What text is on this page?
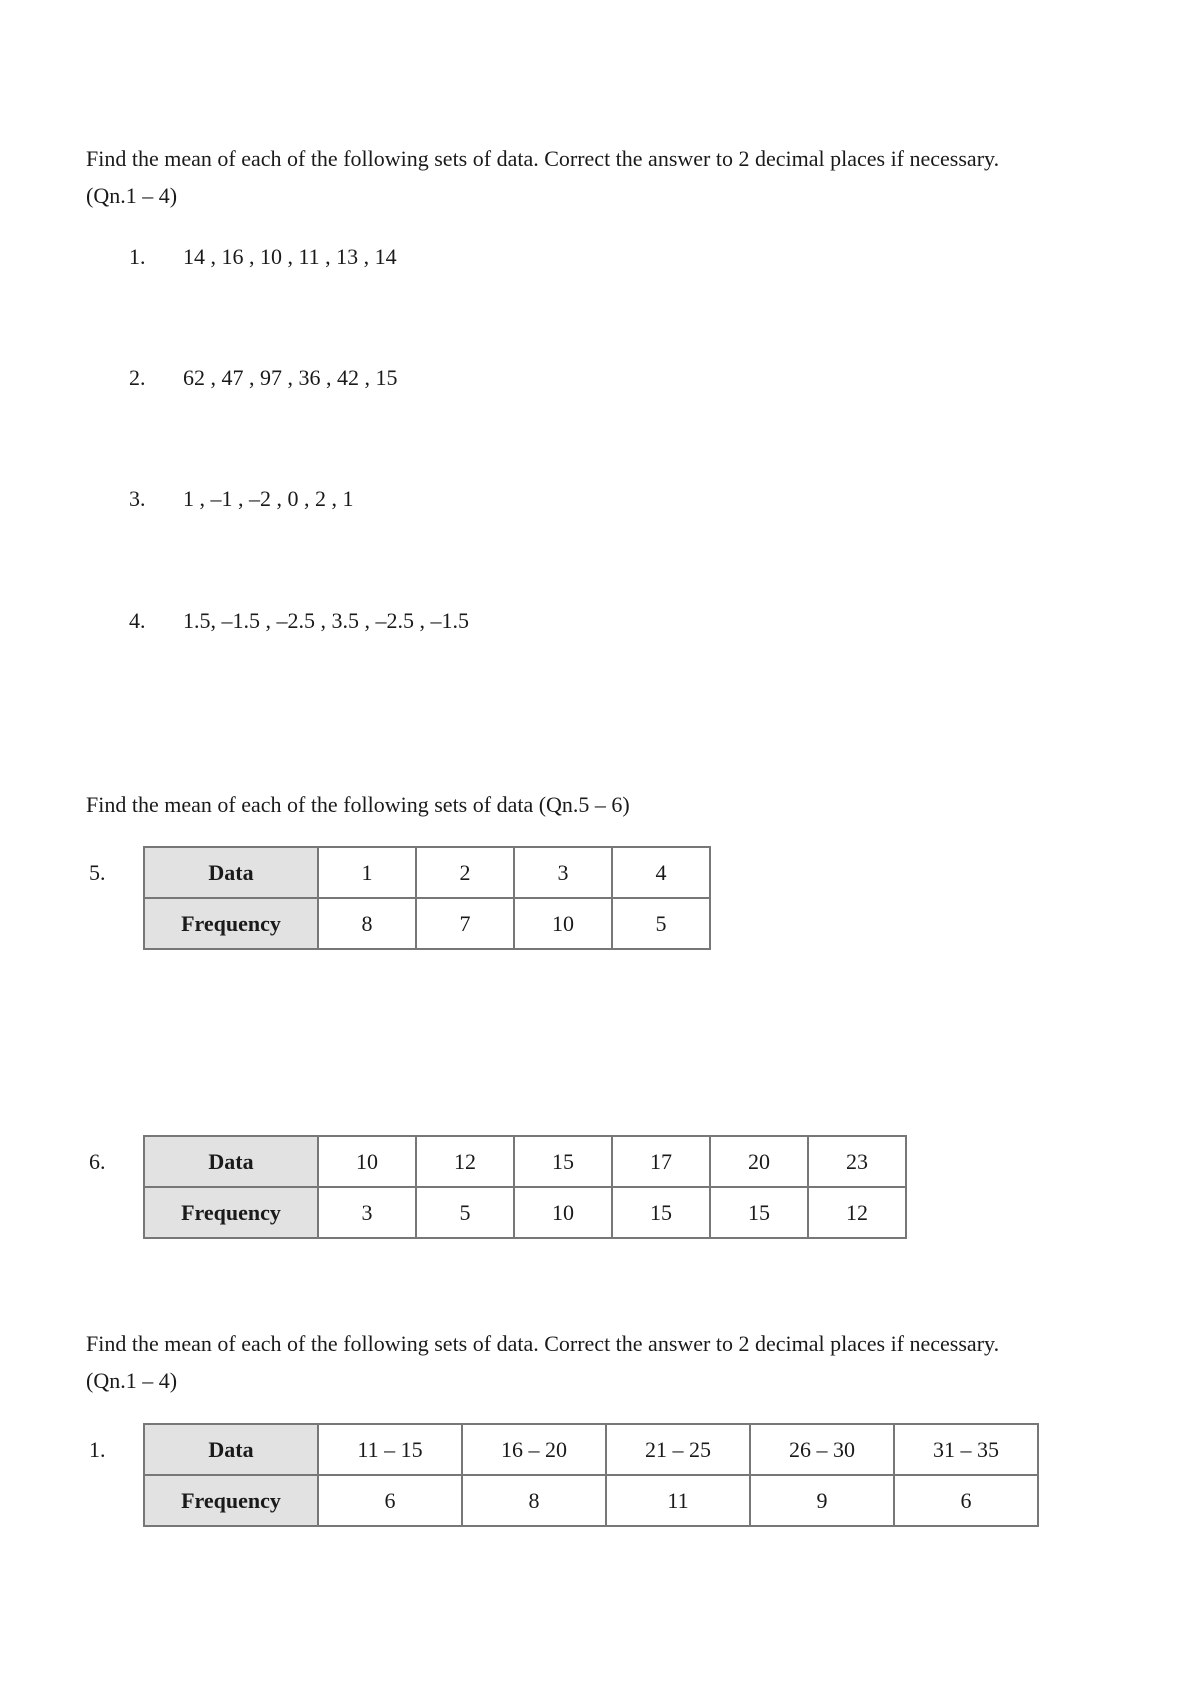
Find the mean of each of the following sets of data. Correct the answer to 2 decimal places if necessary.
(Qn.1 – 4)

1. 14 , 16 , 10 , 11 , 13 , 14
2. 62 , 47 , 97 , 36 , 42 , 15
3. 1 , –1 , –2 , 0 , 2 , 1
4. 1.5, –1.5 , –2.5 , 3.5 , –2.5 , –1.5

Find the mean of each of the following sets of data (Qn.5 – 6)

5.	Data	1	2	3	4
Frequency	8	7	10	5
6.	Data	10	12	15	17	20	23
Frequency	3	5	10	15	15	12

Find the mean of each of the following sets of data. Correct the answer to 2 decimal places if necessary.
(Qn.1 – 4)

1.	Data	11 – 15	16 – 20	21 – 25	26 – 30	31 – 35
Frequency	6	8	11	9	6
